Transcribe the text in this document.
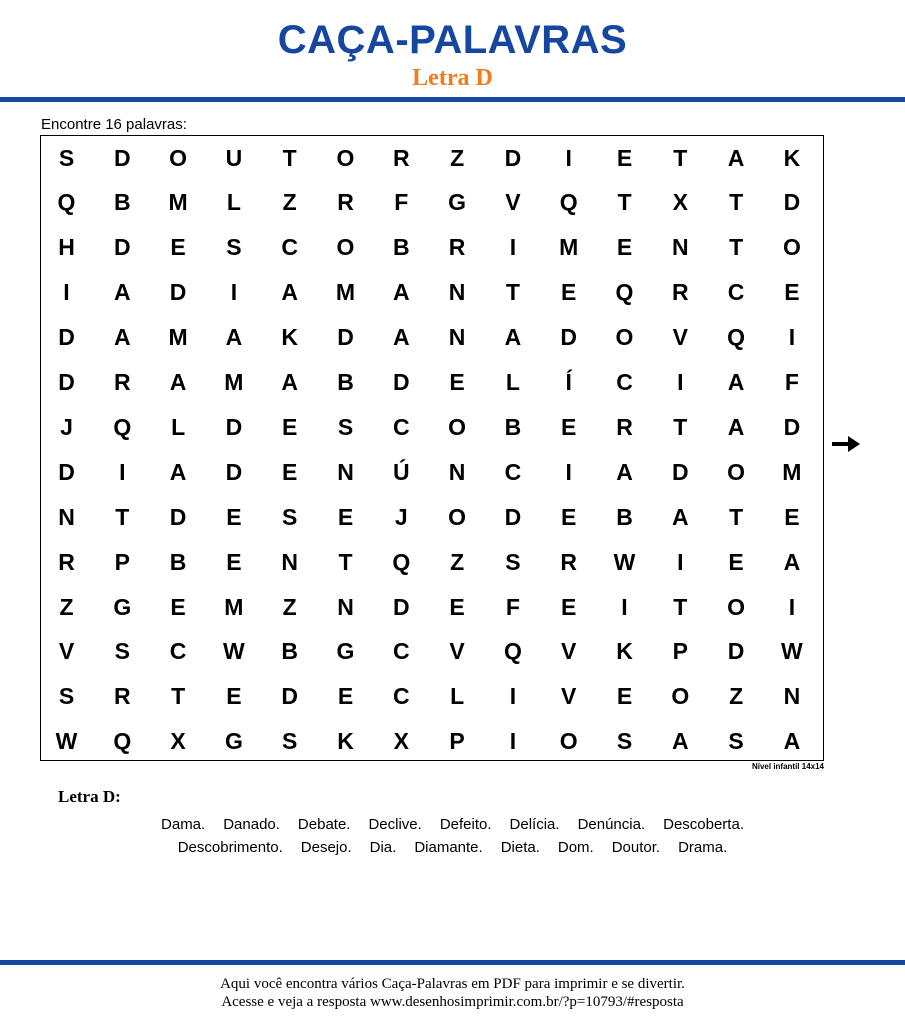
CAÇA-PALAVRAS
Letra D
Encontre 16 palavras:
S	D	O	U	T	O	R	Z	D	I	E	T	A	K
Q	B	M	L	Z	R	F	G	V	Q	T	X	T	D
H	D	E	S	C	O	B	R	I	M	E	N	T	O
I	A	D	I	A	M	A	N	T	E	Q	R	C	E
D	A	M	A	K	D	A	N	A	D	O	V	Q	I
D	R	A	M	A	B	D	E	L	Í	C	I	A	F
J	Q	L	D	E	S	C	O	B	E	R	T	A	D
D	I	A	D	E	N	Ú	N	C	I	A	D	O	M
N	T	D	E	S	E	J	O	D	E	B	A	T	E
R	P	B	E	N	T	Q	Z	S	R	W	I	E	A
Z	G	E	M	Z	N	D	E	F	E	I	T	O	I
V	S	C	W	B	G	C	V	Q	V	K	P	D	W
S	R	T	E	D	E	C	L	I	V	E	O	Z	N
W	Q	X	G	S	K	X	P	I	O	S	A	S	A
Nível infantil 14x14
Letra D:
Dama. Danado. Debate. Declive. Defeito. Delícia. Denúncia. Descoberta.
Descobrimento. Desejo. Dia. Diamante. Dieta. Dom. Doutor. Drama.
Aqui você encontra vários Caça-Palavras em PDF para imprimir e se divertir.
Acesse e veja a resposta www.desenhosimprimir.com.br/?p=10793/#resposta
